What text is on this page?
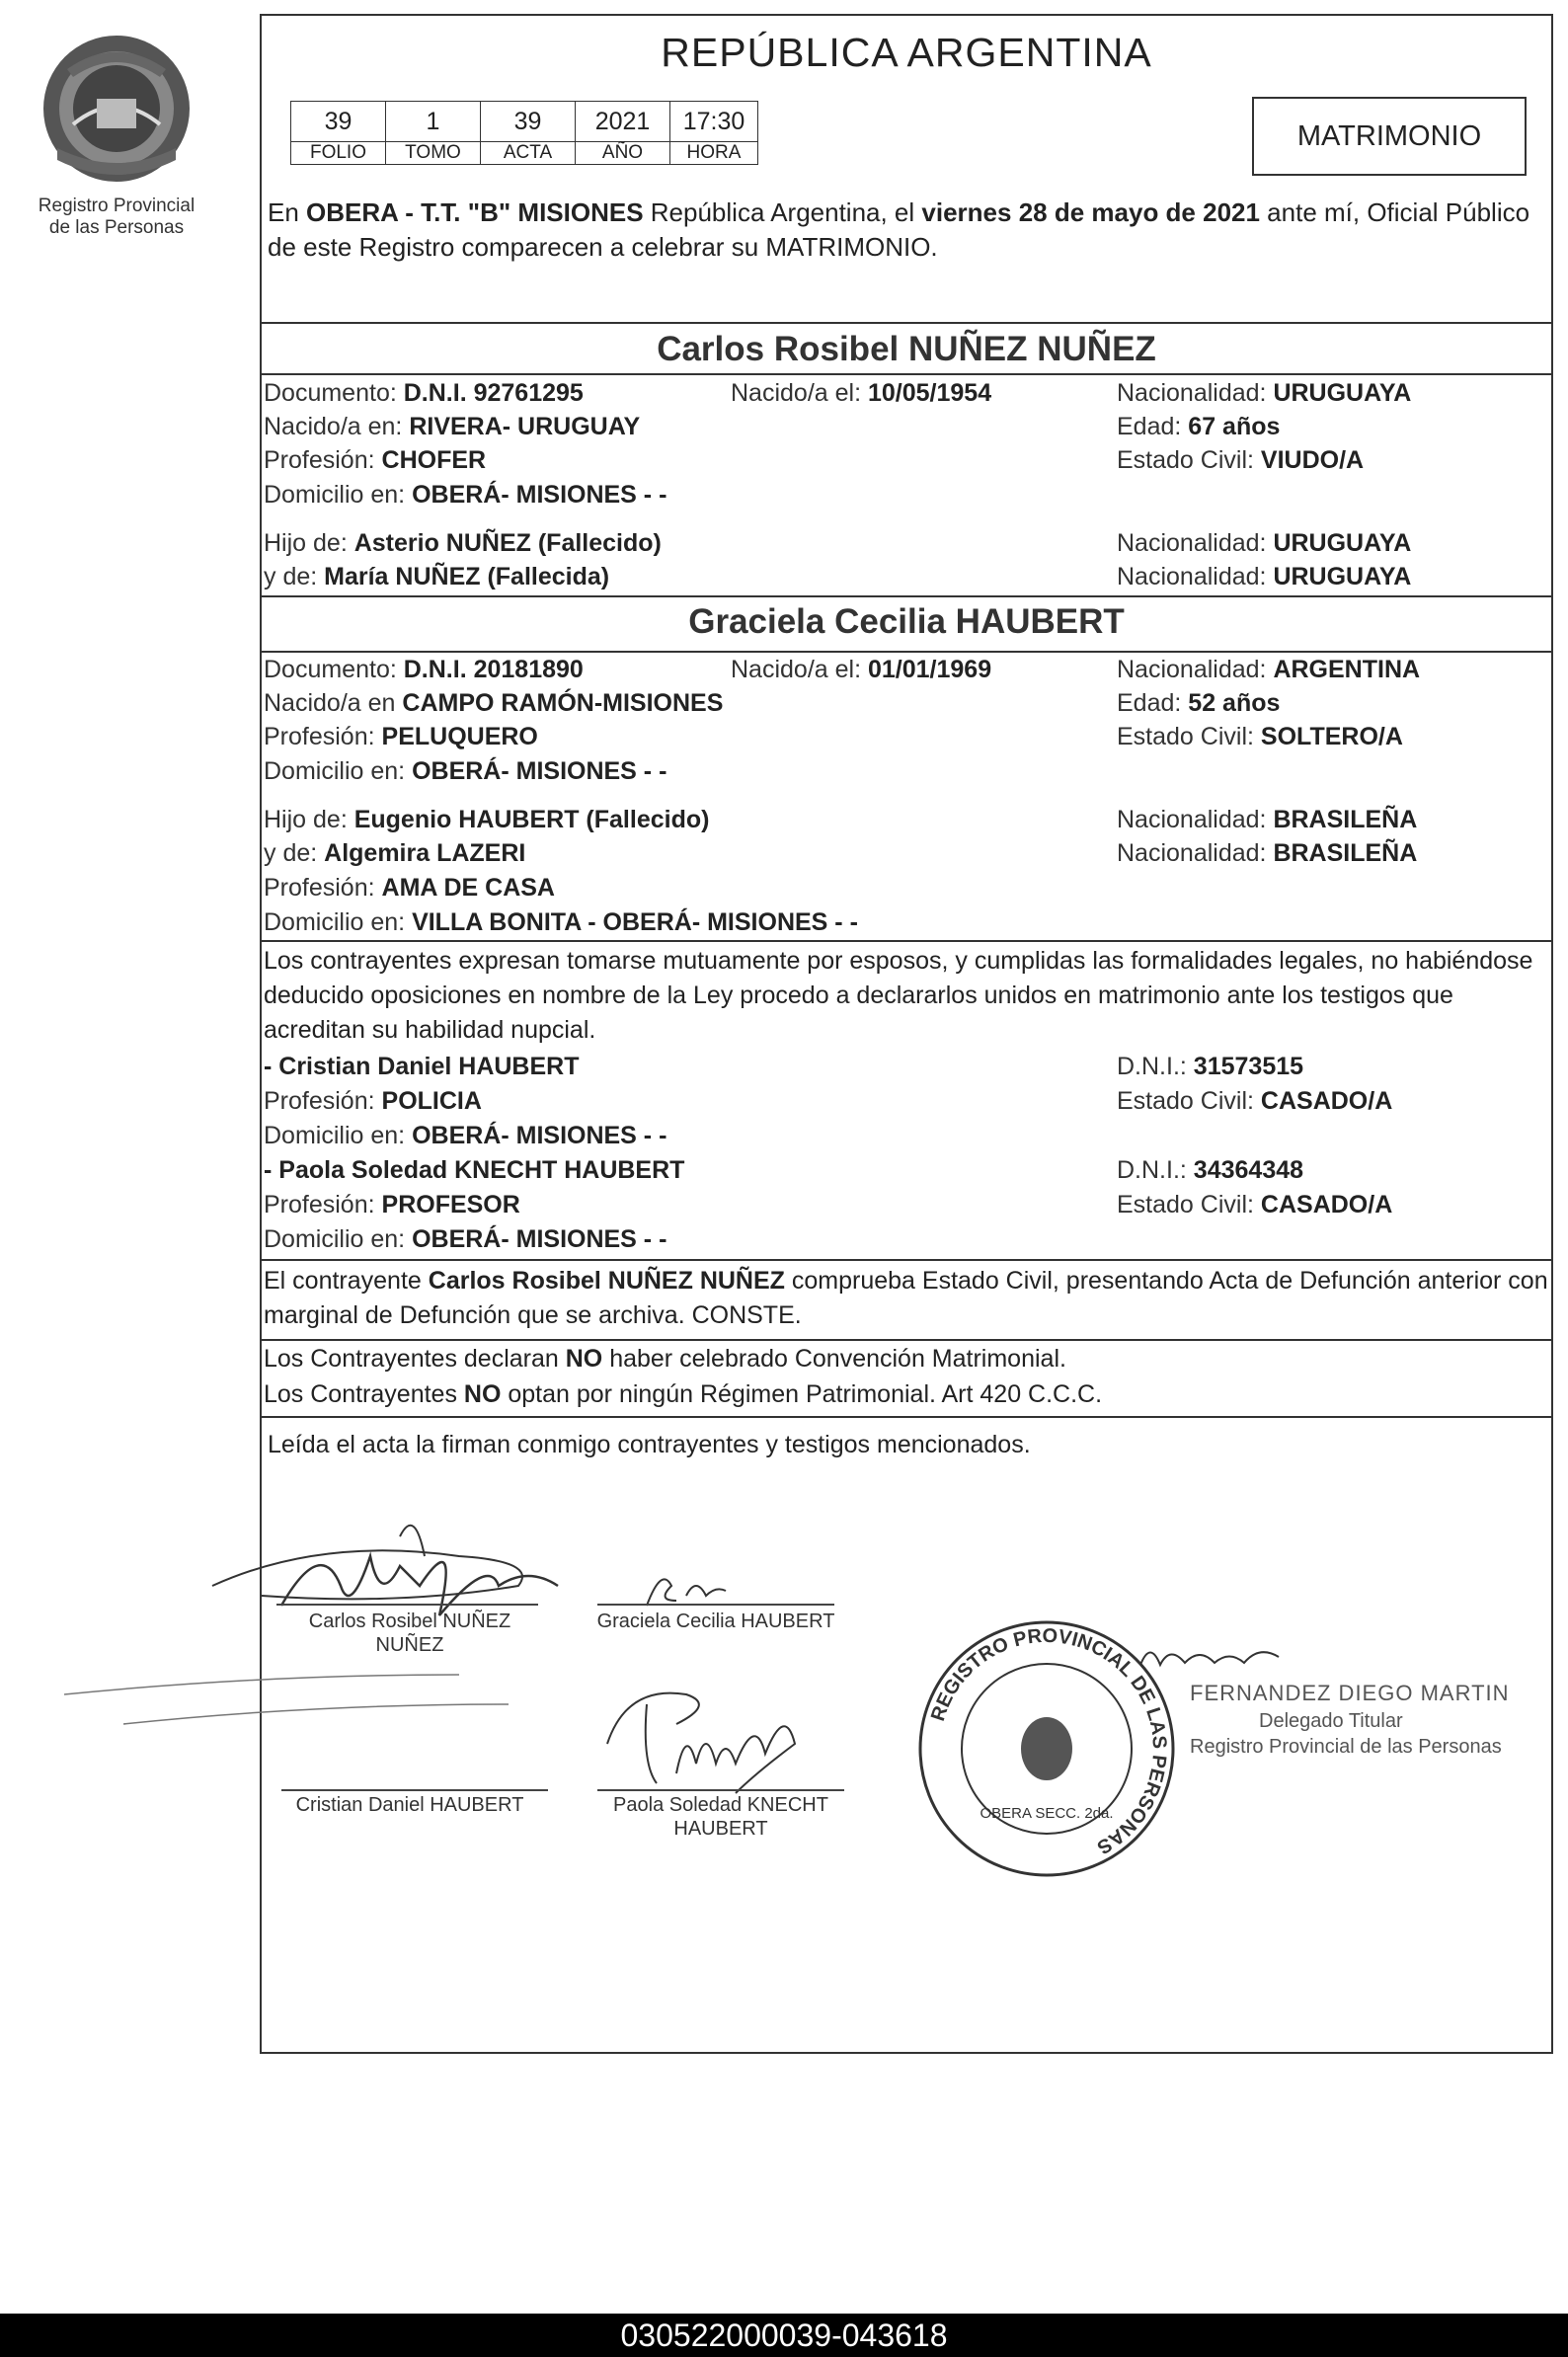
Registro Provincial
de las Personas
REPÚBLICA ARGENTINA
39	1	39	2021	17:30
FOLIO	TOMO	ACTA	AÑO	HORA
MATRIMONIO
En OBERA - T.T. "B" MISIONES República Argentina, el viernes 28 de mayo de 2021 ante mí, Oficial Público de este Registro comparecen a celebrar su MATRIMONIO.
Carlos Rosibel NUÑEZ NUÑEZ
Documento: D.N.I. 92761295	Nacido/a el: 10/05/1954	Nacionalidad: URUGUAYA
Nacido/a en: RIVERA- URUGUAY	Edad: 67 años
Profesión: CHOFER	Estado Civil: VIUDO/A
Domicilio en: OBERÁ- MISIONES - -
Hijo de: Asterio NUÑEZ (Fallecido)	Nacionalidad: URUGUAYA
y de: María NUÑEZ (Fallecida)	Nacionalidad: URUGUAYA
Graciela Cecilia HAUBERT
Documento: D.N.I. 20181890	Nacido/a el: 01/01/1969	Nacionalidad: ARGENTINA
Nacido/a en CAMPO RAMÓN-MISIONES	Edad: 52 años
Profesión: PELUQUERO	Estado Civil: SOLTERO/A
Domicilio en: OBERÁ- MISIONES - -
Hijo de: Eugenio HAUBERT (Fallecido)	Nacionalidad: BRASILEÑA
y de: Algemira LAZERI	Nacionalidad: BRASILEÑA
Profesión: AMA DE CASA
Domicilio en: VILLA BONITA - OBERÁ- MISIONES - -
Los contrayentes expresan tomarse mutuamente por esposos, y cumplidas las formalidades legales, no habiéndose deducido oposiciones en nombre de la Ley procedo a declararlos unidos en matrimonio ante los testigos que acreditan su habilidad nupcial.
- Cristian Daniel HAUBERT	D.N.I.: 31573515
Profesión: POLICIA	Estado Civil: CASADO/A
Domicilio en: OBERÁ- MISIONES - -
- Paola Soledad KNECHT HAUBERT	D.N.I.: 34364348
Profesión: PROFESOR	Estado Civil: CASADO/A
Domicilio en: OBERÁ- MISIONES - -
El contrayente Carlos Rosibel NUÑEZ NUÑEZ comprueba Estado Civil, presentando Acta de Defunción anterior con marginal de Defunción que se archiva. CONSTE.
Los Contrayentes declaran NO haber celebrado Convención Matrimonial.
Los Contrayentes NO optan por ningún Régimen Patrimonial. Art 420 C.C.C.
Leída el acta la firman conmigo contrayentes y testigos mencionados.
Carlos Rosibel NUÑEZ
NUÑEZ
Graciela Cecilia HAUBERT
Cristian Daniel HAUBERT	Paola Soledad KNECHT
HAUBERT
REGISTRO PROVINCIAL DE LAS PERSONAS
OBERA SECC. 2da.
FERNANDEZ DIEGO MARTIN
Delegado Titular
Registro Provincial de las Personas
030522000039-043618
